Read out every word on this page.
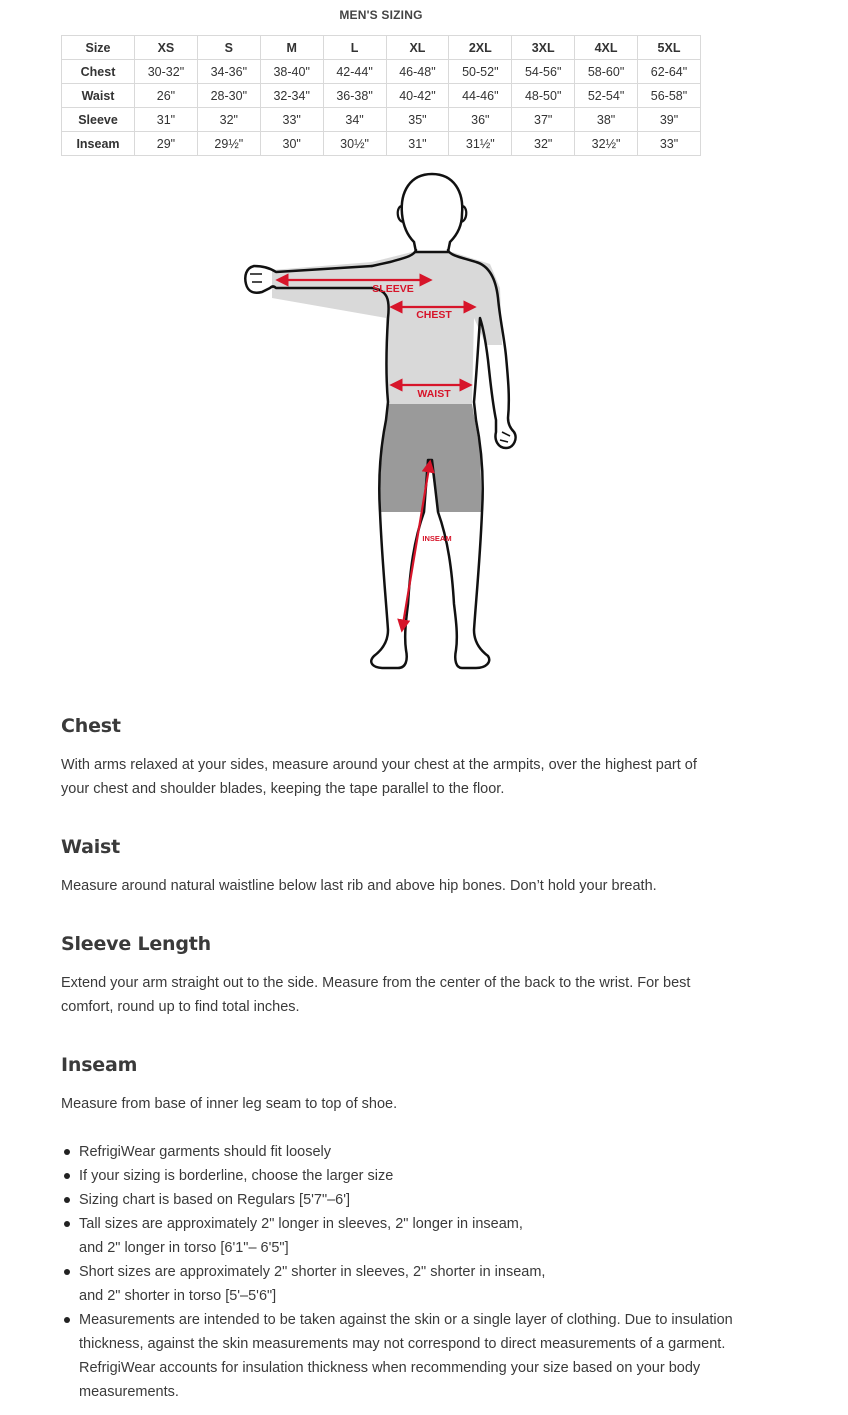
MEN'S SIZING
Size	XS	S	M	L	XL	2XL	3XL	4XL	5XL
Chest	30-32"	34-36"	38-40"	42-44"	46-48"	50-52"	54-56"	58-60"	62-64"
Waist	26"	28-30"	32-34"	36-38"	40-42"	44-46"	48-50"	52-54"	56-58"
Sleeve	31"	32"	33"	34"	35"	36"	37"	38"	39"
Inseam	29"	29½"	30"	30½"	31"	31½"	32"	32½"	33"
SLEEVE
CHEST
WAIST
INSEAM
Chest

With arms relaxed at your sides, measure around your chest at the armpits, over the highest part of your chest and shoulder blades, keeping the tape parallel to the floor.

Waist

Measure around natural waistline below last rib and above hip bones. Don’t hold your breath.

Sleeve Length

Extend your arm straight out to the side. Measure from the center of the back to the wrist. For best comfort, round up to find total inches.

Inseam

Measure from base of inner leg seam to top of shoe.

RefrigiWear garments should fit loosely
If your sizing is borderline, choose the larger size
Sizing chart is based on Regulars [5'7"–6']
Tall sizes are approximately 2" longer in sleeves, 2" longer in inseam,
and 2" longer in torso [6'1"– 6'5"]
Short sizes are approximately 2" shorter in sleeves, 2" shorter in inseam,
and 2" shorter in torso [5'–5'6"]
Measurements are intended to be taken against the skin or a single layer of clothing. Due to insulation thickness, against the skin measurements may not correspond to direct measurements of a garment. RefrigiWear accounts for insulation thickness when recommending your size based on your body measurements.
